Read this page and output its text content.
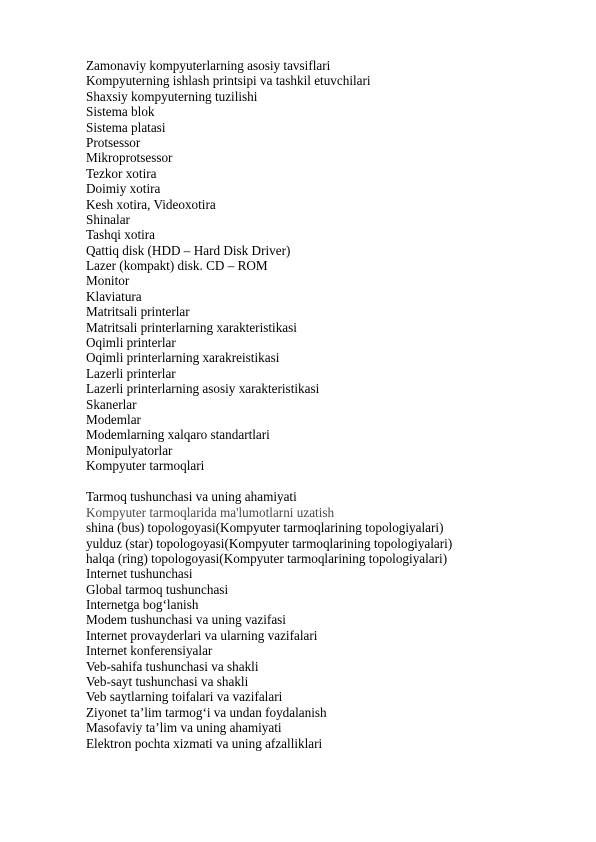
Zamonaviy kompyuterlarning asosiy tavsiflari
Kompyuterning ishlash printsipi va tashkil etuvchilari
Shaxsiy kompyuterning tuzilishi
Sistema blok
Sistema platasi
Protsessor
Mikroprotsessor
Tezkor xotira
Doimiy xotira
Kesh xotira, Videoxotira
Shinalar
Tashqi xotira
Qattiq disk (HDD – Hard Disk Driver)
Lazer (kompakt) disk. CD – ROM
Monitor
Klaviatura
Matritsali printerlar
Matritsali printerlarning xarakteristikasi
Oqimli printerlar
Oqimli printerlarning xarakreistikasi
Lazerli printerlar
Lazerli printerlarning asosiy xarakteristikasi
Skanerlar
Modemlar
Modemlarning xalqaro standartlari
Monipulyatorlar
Kompyuter tarmoqlari
Tarmoq tushunchasi va uning ahamiyati
Kompyuter tarmoqlarida ma'lumotlarni uzatish
shina (bus) topologoyasi(Kompyuter tarmoqlarining topologiyalari)
yulduz (star) topologoyasi(Kompyuter tarmoqlarining topologiyalari)
halqa (ring) topologoyasi(Kompyuter tarmoqlarining topologiyalari)
Internet tushunchasi
Global tarmoq tushunchasi
Internetga bog‘lanish
Modem tushunchasi va uning vazifasi
Internet provayderlari va ularning vazifalari
Internet konferensiyalar
Veb-sahifa tushunchasi va shakli
Veb-sayt tushunchasi va shakli
Veb saytlarning toifalari va vazifalari
Ziyonet ta’lim tarmog‘i va undan foydalanish
Masofaviy ta’lim va uning ahamiyati
Elektron pochta xizmati va uning afzalliklari
